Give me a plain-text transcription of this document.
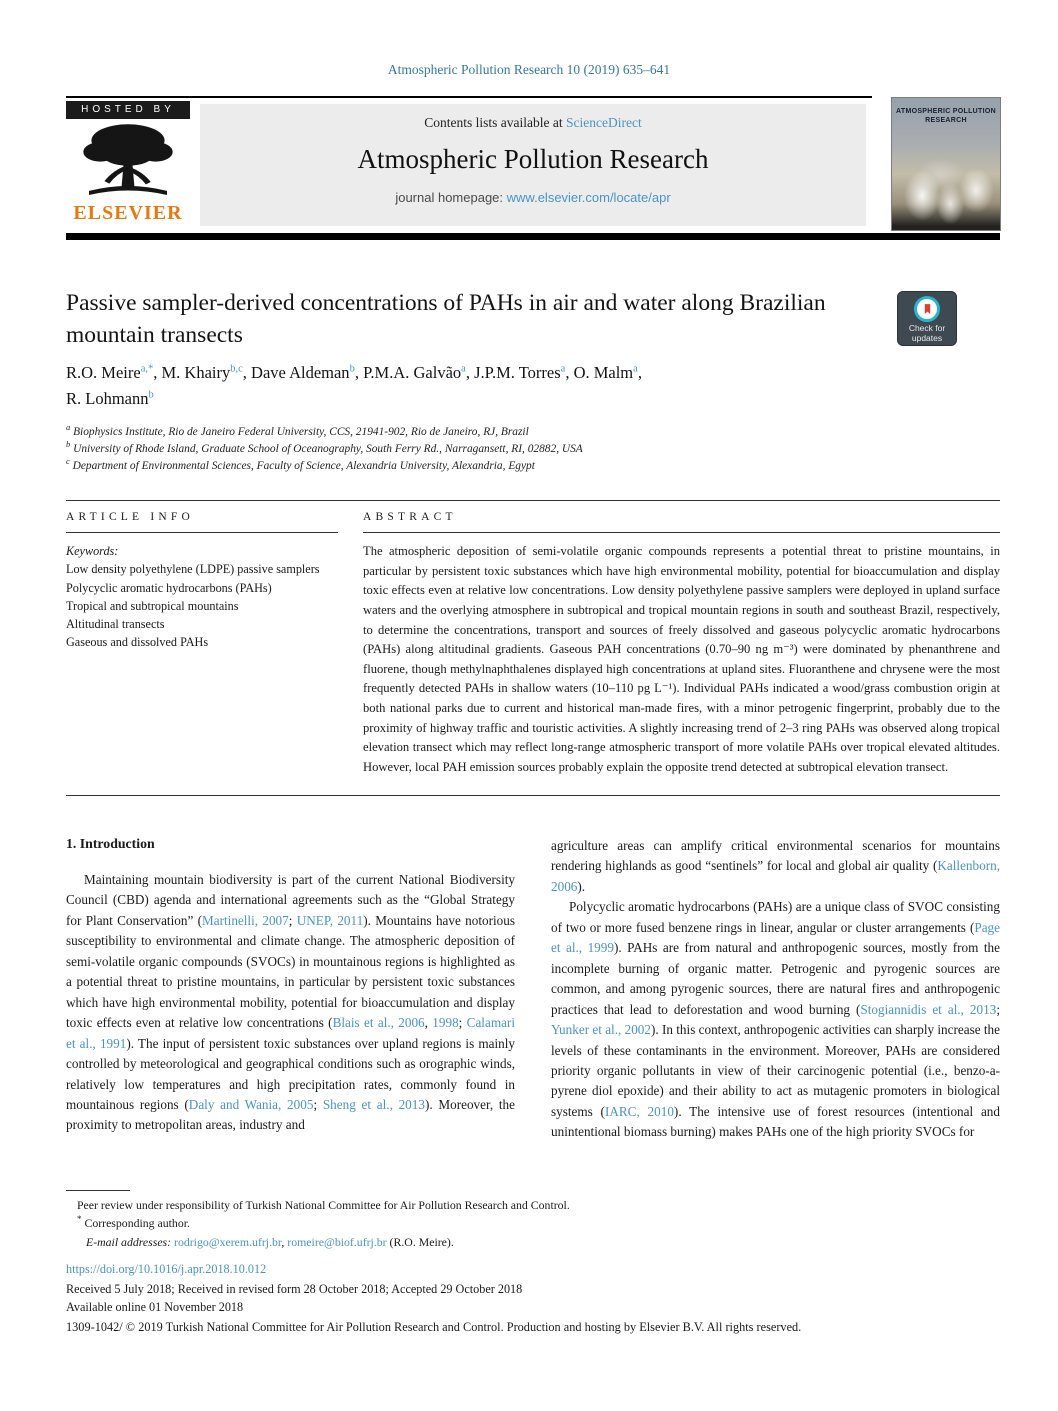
Atmospheric Pollution Research 10 (2019) 635–641
HOSTED BY
ELSEVIER
Contents lists available at ScienceDirect
Atmospheric Pollution Research
journal homepage: www.elsevier.com/locate/apr
ATMOSPHERIC POLLUTION RESEARCH
Passive sampler-derived concentrations of PAHs in air and water along Brazilian mountain transects	Check for
updates
R.O. Meire$^{a,*}$, M. Khairy$^{b,c}$, Dave Aldeman$^b$, P.M.A. Galvão$^a$, J.P.M. Torres$^a$, O. Malm$^a$,
R. Lohmann$^b$
$^a$ Biophysics Institute, Rio de Janeiro Federal University, CCS, 21941-902, Rio de Janeiro, RJ, Brazil
$^b$ University of Rhode Island, Graduate School of Oceanography, South Ferry Rd., Narragansett, RI, 02882, USA
$^c$ Department of Environmental Sciences, Faculty of Science, Alexandria University, Alexandria, Egypt
ARTICLE INFO
Keywords:
Low density polyethylene (LDPE) passive samplers
Polycyclic aromatic hydrocarbons (PAHs)
Tropical and subtropical mountains
Altitudinal transects
Gaseous and dissolved PAHs
ABSTRACT
The atmospheric deposition of semi-volatile organic compounds represents a potential threat to pristine mountains, in particular by persistent toxic substances which have high environmental mobility, potential for bioaccumulation and display toxic effects even at relative low concentrations. Low density polyethylene passive samplers were deployed in upland surface waters and the overlying atmosphere in subtropical and tropical mountain regions in south and southeast Brazil, respectively, to determine the concentrations, transport and sources of freely dissolved and gaseous polycyclic aromatic hydrocarbons (PAHs) along altitudinal gradients. Gaseous PAH concentrations (0.70–90 ng m⁻³) were dominated by phenanthrene and fluorene, though methylnaphthalenes displayed high concentrations at upland sites. Fluoranthene and chrysene were the most frequently detected PAHs in shallow waters (10–110 pg L⁻¹). Individual PAHs indicated a wood/grass combustion origin at both national parks due to current and historical man-made fires, with a minor petrogenic fingerprint, probably due to the proximity of highway traffic and touristic activities. A slightly increasing trend of 2–3 ring PAHs was observed along tropical elevation transect which may reflect long-range atmospheric transport of more volatile PAHs over tropical elevated altitudes. However, local PAH emission sources probably explain the opposite trend detected at subtropical elevation transect.
1. Introduction

Maintaining mountain biodiversity is part of the current National Biodiversity Council (CBD) agenda and international agreements such as the “Global Strategy for Plant Conservation” (Martinelli, 2007; UNEP, 2011). Mountains have notorious susceptibility to environmental and climate change. The atmospheric deposition of semi-volatile organic compounds (SVOCs) in mountainous regions is highlighted as a potential threat to pristine mountains, in particular by persistent toxic substances which have high environmental mobility, potential for bioaccumulation and display toxic effects even at relative low concentrations (Blais et al., 2006, 1998; Calamari et al., 1991). The input of persistent toxic substances over upland regions is mainly controlled by meteorological and geographical conditions such as orographic winds, relatively low temperatures and high precipitation rates, commonly found in mountainous regions (Daly and Wania, 2005; Sheng et al., 2013). Moreover, the proximity to metropolitan areas, industry and

agriculture areas can amplify critical environmental scenarios for mountains rendering highlands as good “sentinels” for local and global air quality (Kallenborn, 2006).

Polycyclic aromatic hydrocarbons (PAHs) are a unique class of SVOC consisting of two or more fused benzene rings in linear, angular or cluster arrangements (Page et al., 1999). PAHs are from natural and anthropogenic sources, mostly from the incomplete burning of organic matter. Petrogenic and pyrogenic sources are common, and among pyrogenic sources, there are natural fires and anthropogenic practices that lead to deforestation and wood burning (Stogiannidis et al., 2013; Yunker et al., 2002). In this context, anthropogenic activities can sharply increase the levels of these contaminants in the environment. Moreover, PAHs are considered priority organic pollutants in view of their carcinogenic potential (i.e., benzo-a-pyrene diol epoxide) and their ability to act as mutagenic promoters in biological systems (IARC, 2010). The intensive use of forest resources (intentional and unintentional biomass burning) makes PAHs one of the high priority SVOCs for

Peer review under responsibility of Turkish National Committee for Air Pollution Research and Control.
* Corresponding author.
E-mail addresses: rodrigo@xerem.ufrj.br, romeire@biof.ufrj.br (R.O. Meire).
https://doi.org/10.1016/j.apr.2018.10.012
Received 5 July 2018; Received in revised form 28 October 2018; Accepted 29 October 2018
Available online 01 November 2018
1309-1042/ © 2019 Turkish National Committee for Air Pollution Research and Control. Production and hosting by Elsevier B.V. All rights reserved.
